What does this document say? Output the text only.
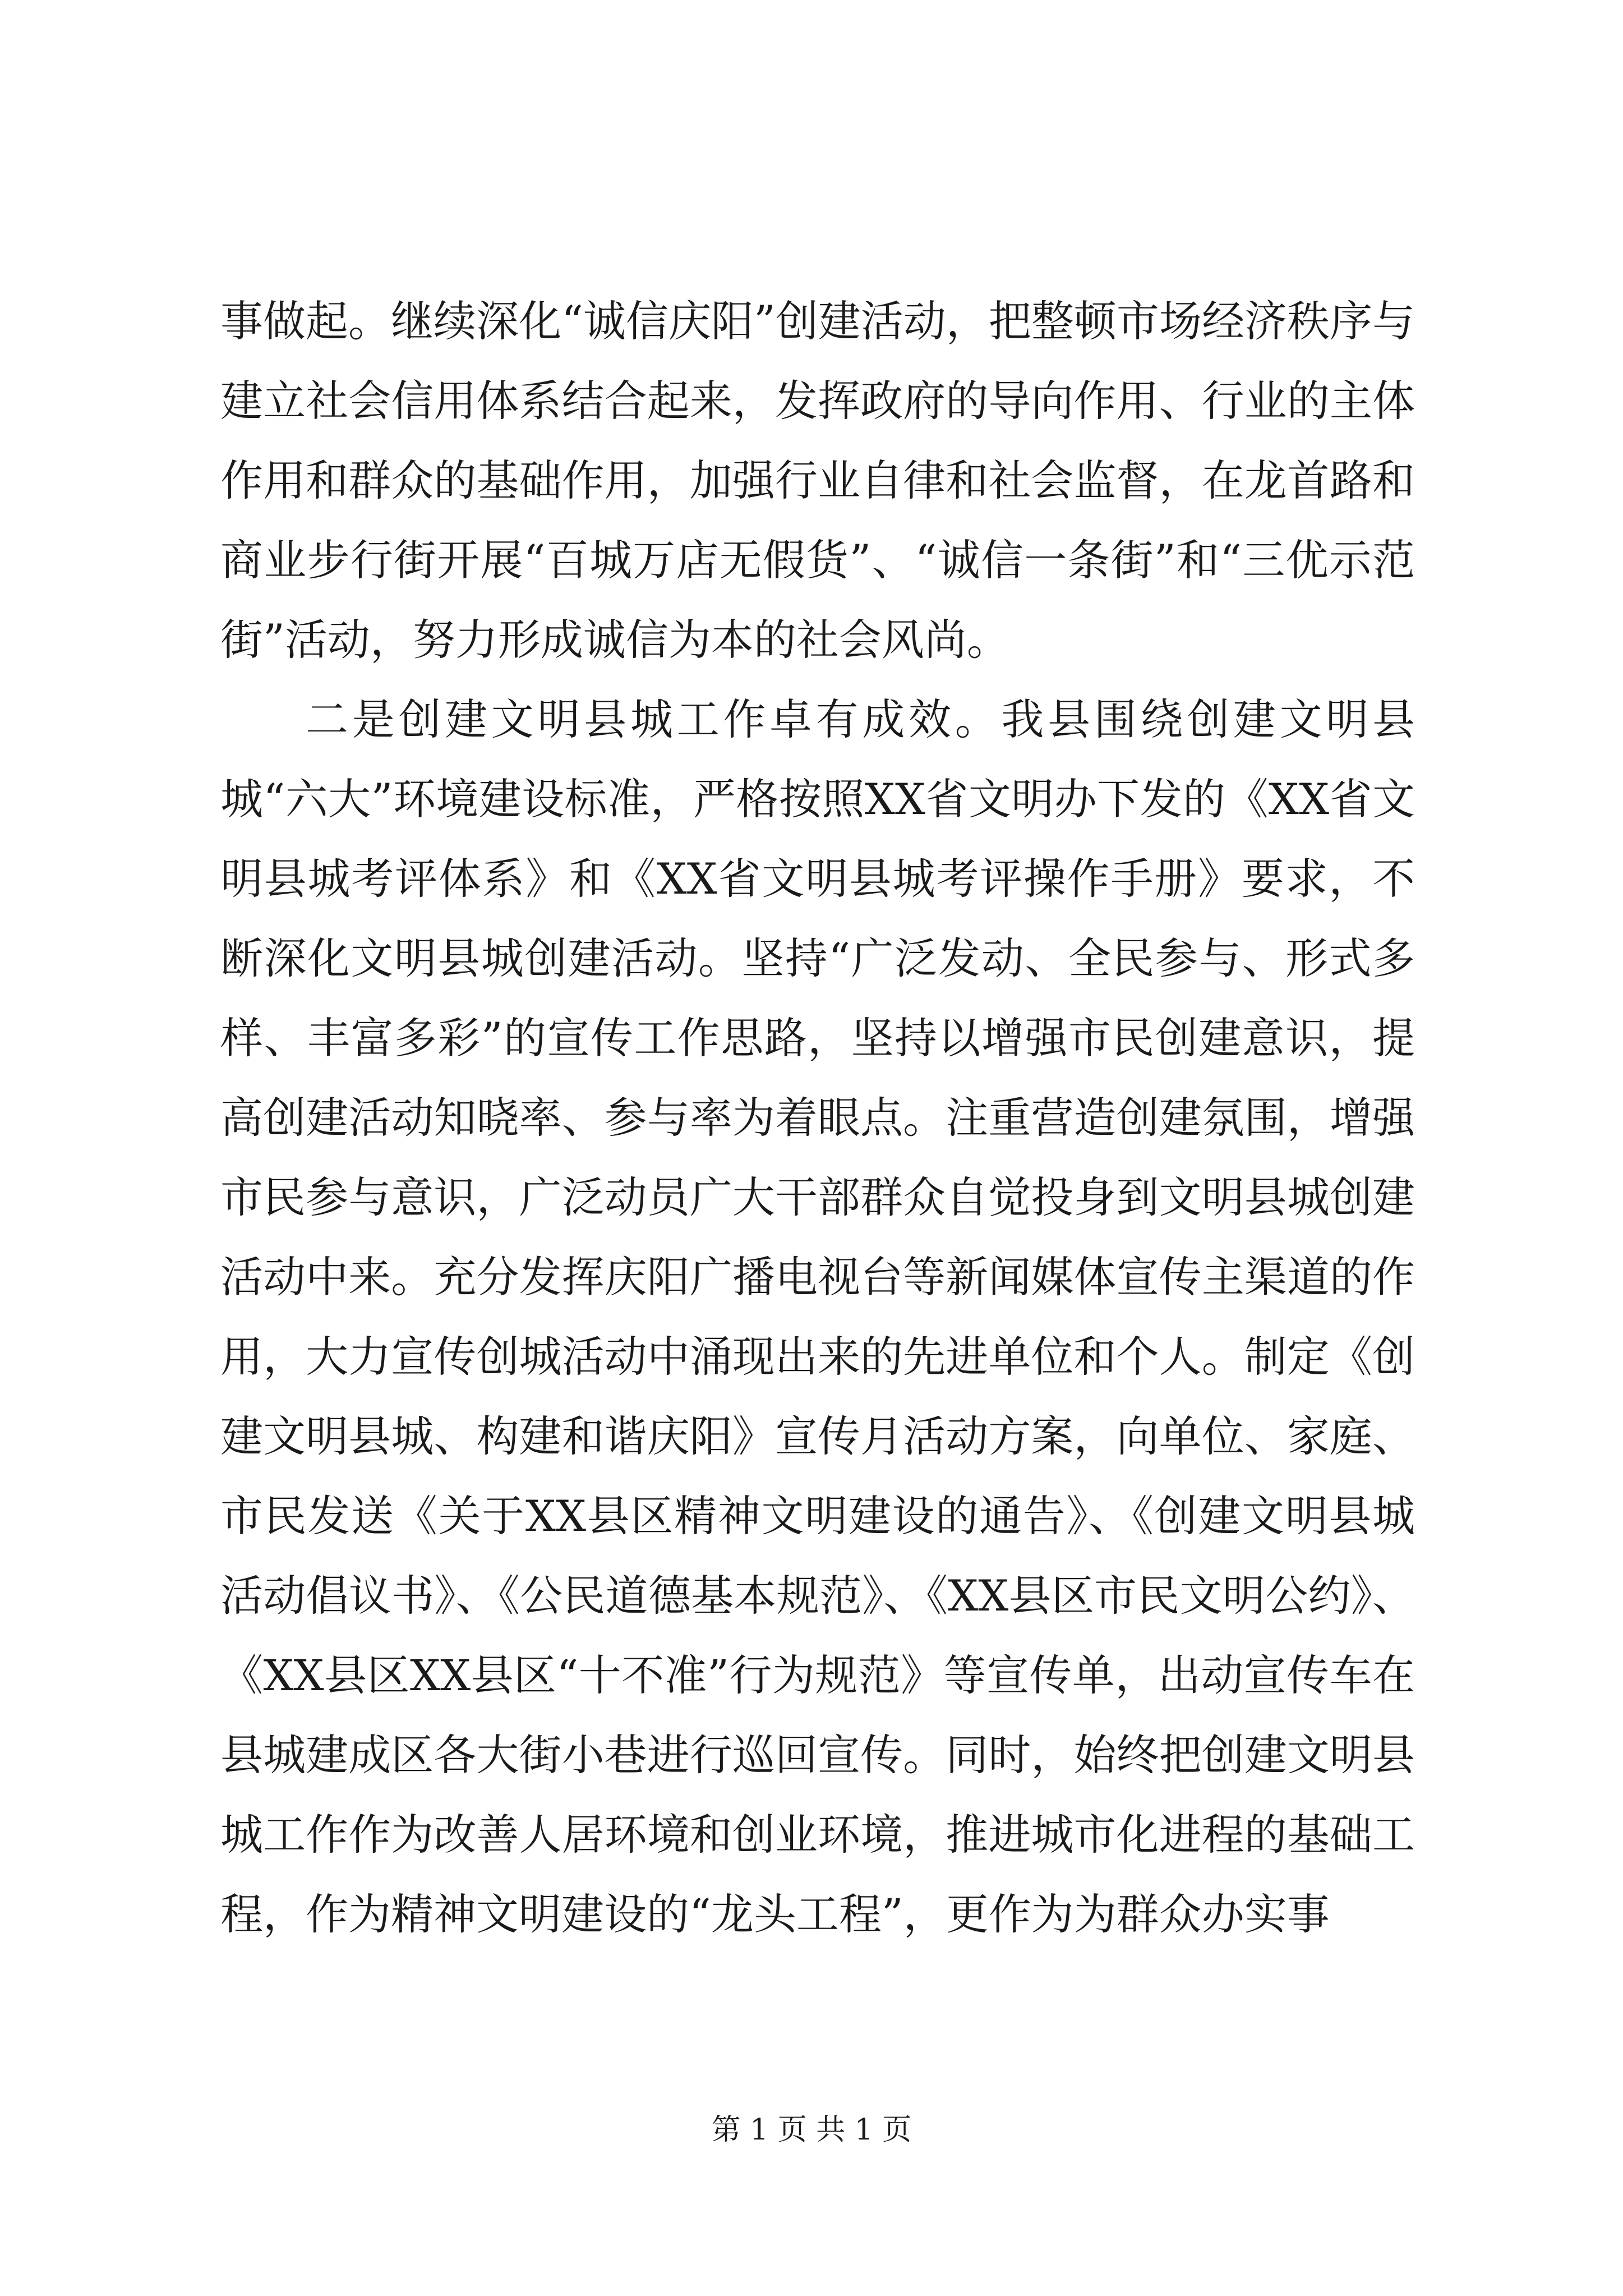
事做起。继续深化“诚信庆阳”创建活动，把整顿市场经济秩序与建立社会信用体系结合起来，发挥政府的导向作用、行业的主体作用和群众的基础作用，加强行业自律和社会监督，在龙首路和商业步行街开展“百城万店无假货”、“诚信一条街”和“三优示范街”活动，努力形成诚信为本的社会风尚。

二是创建文明县城工作卓有成效。我县围绕创建文明县城“六大”环境建设标准，严格按照XX省文明办下发的《XX省文明县城考评体系》和《XX省文明县城考评操作手册》要求，不断深化文明县城创建活动。坚持“广泛发动、全民参与、形式多样、丰富多彩”的宣传工作思路，坚持以增强市民创建意识，提高创建活动知晓率、参与率为着眼点。注重营造创建氛围，增强市民参与意识，广泛动员广大干部群众自觉投身到文明县城创建活动中来。充分发挥庆阳广播电视台等新闻媒体宣传主渠道的作用，大力宣传创城活动中涌现出来的先进单位和个人。制定《创建文明县城、构建和谐庆阳》宣传月活动方案，向单位、家庭、市民发送《关于XX县区精神文明建设的通告》、《创建文明县城活动倡议书》、《公民道德基本规范》、《XX县区市民文明公约》、《XX县区XX县区“十不准”行为规范》等宣传单，出动宣传车在县城建成区各大街小巷进行巡回宣传。同时，始终把创建文明县城工作作为改善人居环境和创业环境，推进城市化进程的基础工程，作为精神文明建设的“龙头工程”，更作为为群众办实事

第 1 页 共 1 页
